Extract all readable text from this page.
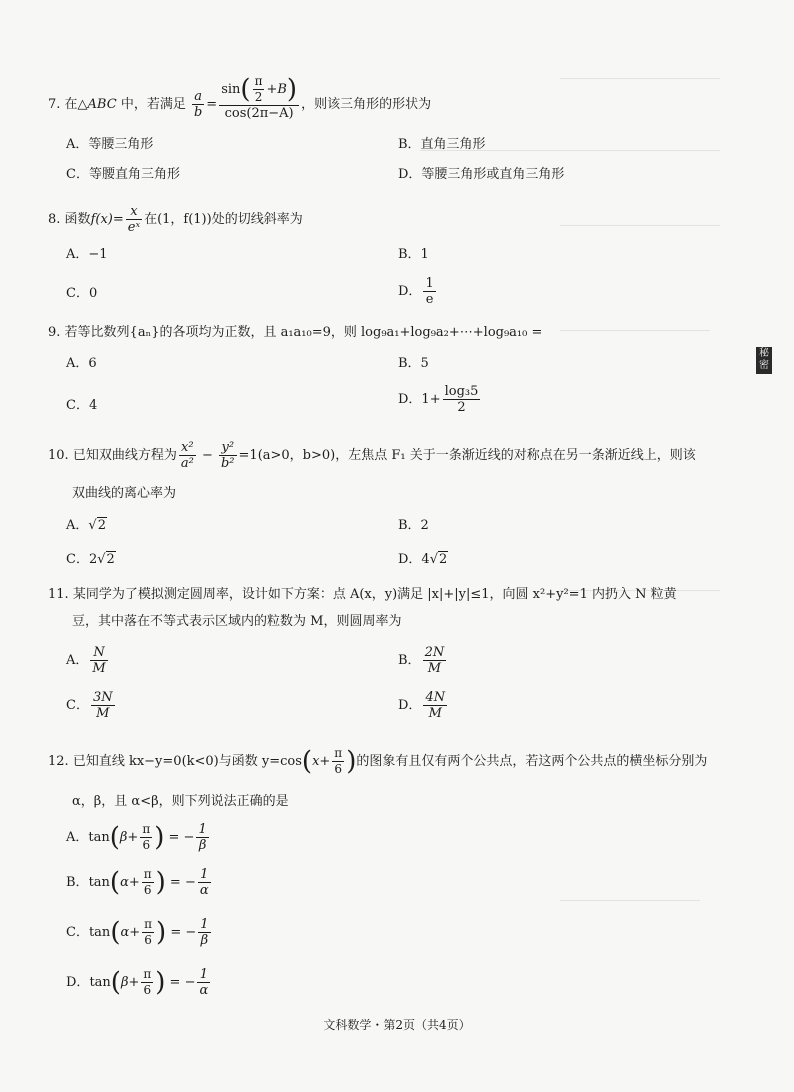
7. 在△ABC 中，若满足 $\frac{a}{b} = \frac{\sin( \frac{\pi}{2} +B)}{\cos(2\pi-A)}$ ，则该三角形的形状为
A．等腰三角形	B．直角三角形
C．等腰直角三角形	D．等腰三角形或直角三角形
8. 函数$f(x)= \frac{x}{\text{eˣ}}$ 在(1，f(1))处的切线斜率为
A．−1	B．1
C．0	D． $\frac{1}{e}$
9. 若等比数列{aₙ}的各项均为正数，且 a₁a₁₀=9，则 log₉a₁+log₉a₂+⋯+log₉a₁₀ =
A．6	B．5
C．4	D．$1+ \frac{\text{log₃5}}{2}$
10. 已知双曲线方程为 $\frac{\text{x²}}{\text{a²}} - \frac{\text{y²}}{\text{b²}} =1(a>0$，b>0)，左焦点 F₁ 关于一条渐近线的对称点在另一条渐近线上，则该
双曲线的离心率为
A．√2	B．2
C．2√2	D．4√2
11. 某同学为了模拟测定圆周率，设计如下方案：点 A(x，y)满足 |x|+|y|≤1，向圆 x²+y²=1 内扔入 N 粒黄
豆，其中落在不等式表示区域内的粒数为 M，则圆周率为
A． $\frac{N}{M}$	B． $\frac{2N}{M}$
C． $\frac{3N}{M}$	D． $\frac{4N}{M}$
12. 已知直线 kx−y=0(k<0)与函数 $y=\cos(x+ \frac{\pi}{6}$ )的图象有且仅有两个公共点，若这两个公共点的横坐标分别为
α，β，且 α<β，则下列说法正确的是
A．$\tan(\beta+ \frac{\pi}{6}$ ) = − $\frac{1}{\beta}$
B．$\tan(\alpha+ \frac{\pi}{6}$ ) = − $\frac{1}{\alpha}$
C．$\tan(\alpha+ \frac{\pi}{6}$ ) = − $\frac{1}{\beta}$
D．$\tan(\beta+ \frac{\pi}{6}$ ) = − $\frac{1}{\alpha}$
秘密
文科数学・第2页（共4页）
